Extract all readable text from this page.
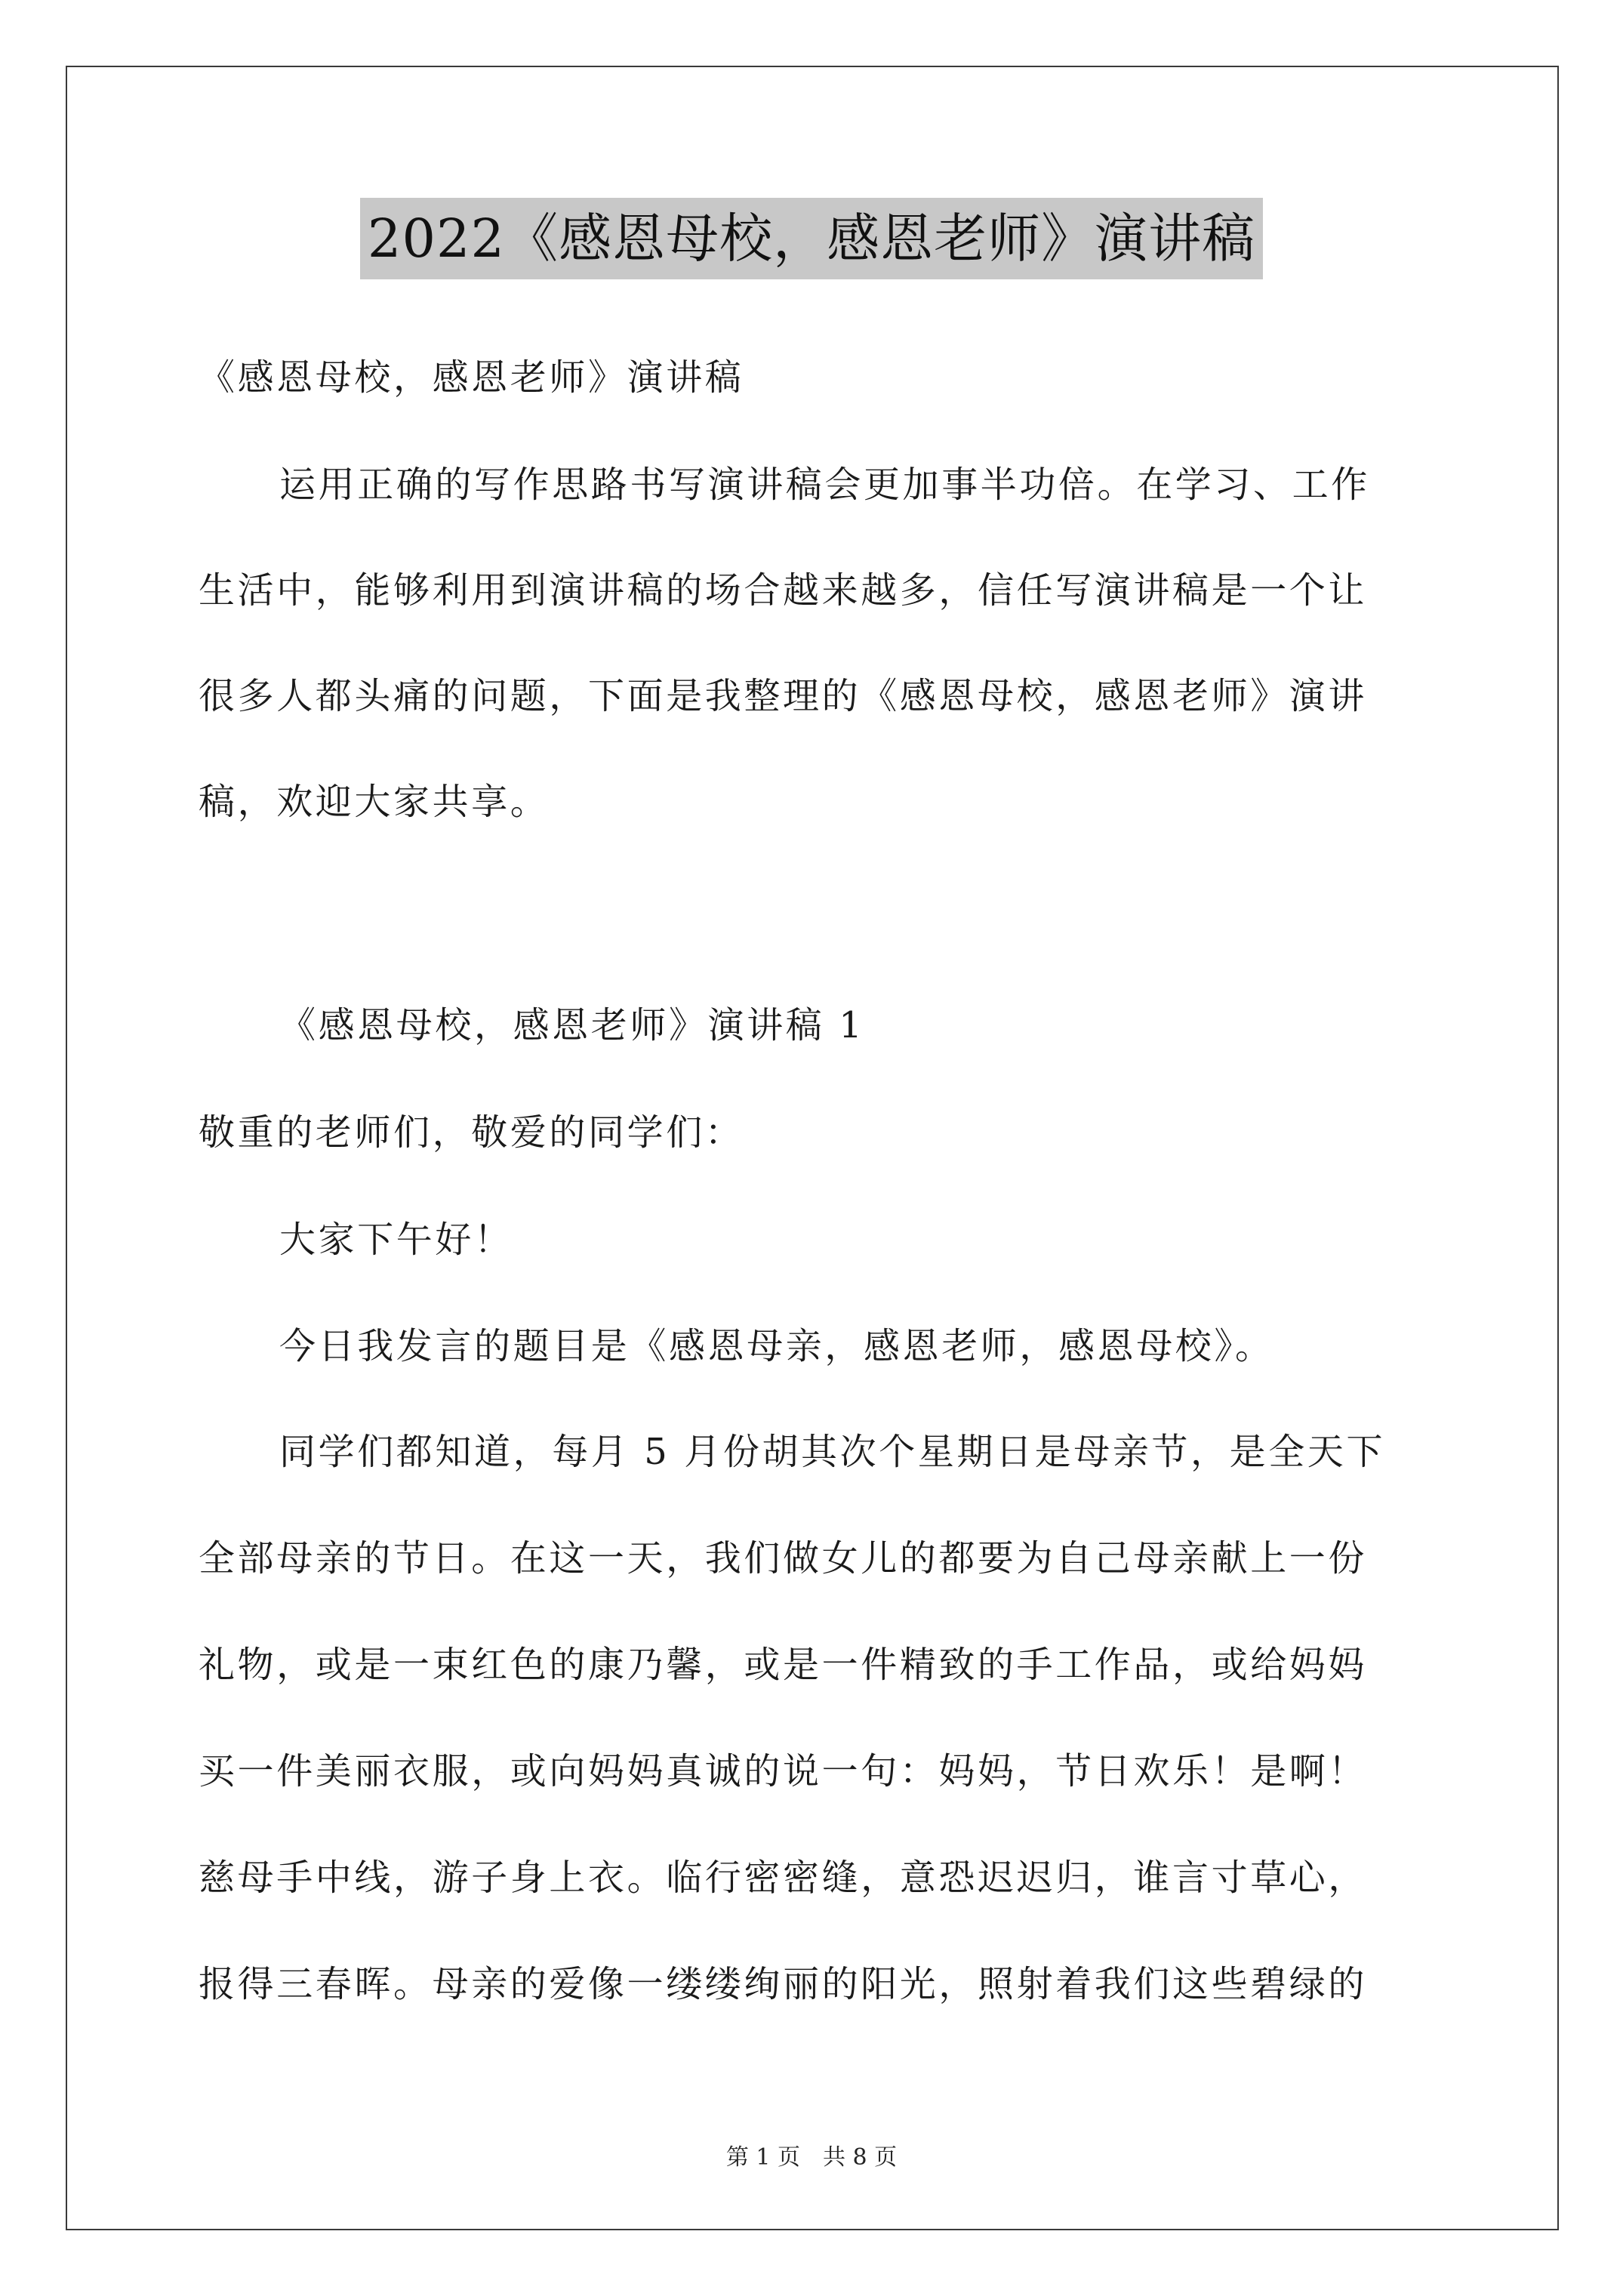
2022《感恩母校，感恩老师》演讲稿
《感恩母校，感恩老师》演讲稿
运用正确的写作思路书写演讲稿会更加事半功倍。在学习、工作
生活中，能够利用到演讲稿的场合越来越多，信任写演讲稿是一个让
很多人都头痛的问题，下面是我整理的《感恩母校，感恩老师》演讲
稿，欢迎大家共享。
《感恩母校，感恩老师》演讲稿 1
敬重的老师们，敬爱的同学们：
大家下午好！
今日我发言的题目是《感恩母亲，感恩老师，感恩母校》。
同学们都知道，每月 5 月份胡其次个星期日是母亲节，是全天下
全部母亲的节日。在这一天，我们做女儿的都要为自己母亲献上一份
礼物，或是一束红色的康乃馨，或是一件精致的手工作品，或给妈妈
买一件美丽衣服，或向妈妈真诚的说一句：妈妈，节日欢乐！是啊！
慈母手中线，游子身上衣。临行密密缝，意恐迟迟归，谁言寸草心，
报得三春晖。母亲的爱像一缕缕绚丽的阳光，照射着我们这些碧绿的
第 1 页　共 8 页
